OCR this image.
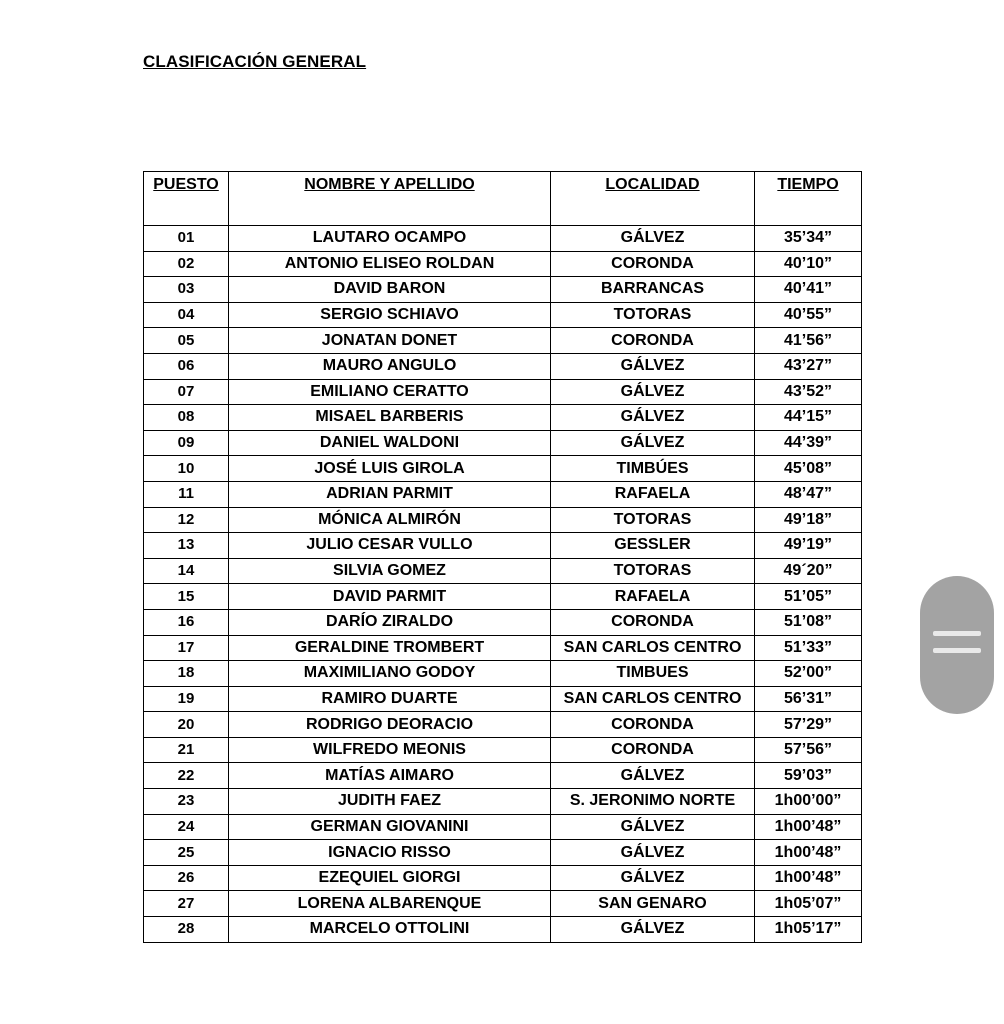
CLASIFICACIÓN GENERAL
PUESTO	NOMBRE Y APELLIDO	LOCALIDAD	TIEMPO
01	LAUTARO OCAMPO	GÁLVEZ	35’34”
02	ANTONIO ELISEO ROLDAN	CORONDA	40’10”
03	DAVID BARON	BARRANCAS	40’41”
04	SERGIO SCHIAVO	TOTORAS	40’55”
05	JONATAN DONET	CORONDA	41’56”
06	MAURO ANGULO	GÁLVEZ	43’27”
07	EMILIANO CERATTO	GÁLVEZ	43’52”
08	MISAEL BARBERIS	GÁLVEZ	44’15”
09	DANIEL WALDONI	GÁLVEZ	44’39”
10	JOSÉ LUIS GIROLA	TIMBÚES	45’08”
11	ADRIAN PARMIT	RAFAELA	48’47”
12	MÓNICA ALMIRÓN	TOTORAS	49’18”
13	JULIO CESAR VULLO	GESSLER	49’19”
14	SILVIA GOMEZ	TOTORAS	49´20”
15	DAVID PARMIT	RAFAELA	51’05”
16	DARÍO ZIRALDO	CORONDA	51’08”
17	GERALDINE TROMBERT	SAN CARLOS CENTRO	51’33”
18	MAXIMILIANO GODOY	TIMBUES	52’00”
19	RAMIRO DUARTE	SAN CARLOS CENTRO	56’31”
20	RODRIGO DEORACIO	CORONDA	57’29”
21	WILFREDO MEONIS	CORONDA	57’56”
22	MATÍAS AIMARO	GÁLVEZ	59’03”
23	JUDITH FAEZ	S. JERONIMO NORTE	1h00’00”
24	GERMAN GIOVANINI	GÁLVEZ	1h00’48”
25	IGNACIO RISSO	GÁLVEZ	1h00’48”
26	EZEQUIEL GIORGI	GÁLVEZ	1h00’48”
27	LORENA ALBARENQUE	SAN GENARO	1h05’07”
28	MARCELO OTTOLINI	GÁLVEZ	1h05’17”
